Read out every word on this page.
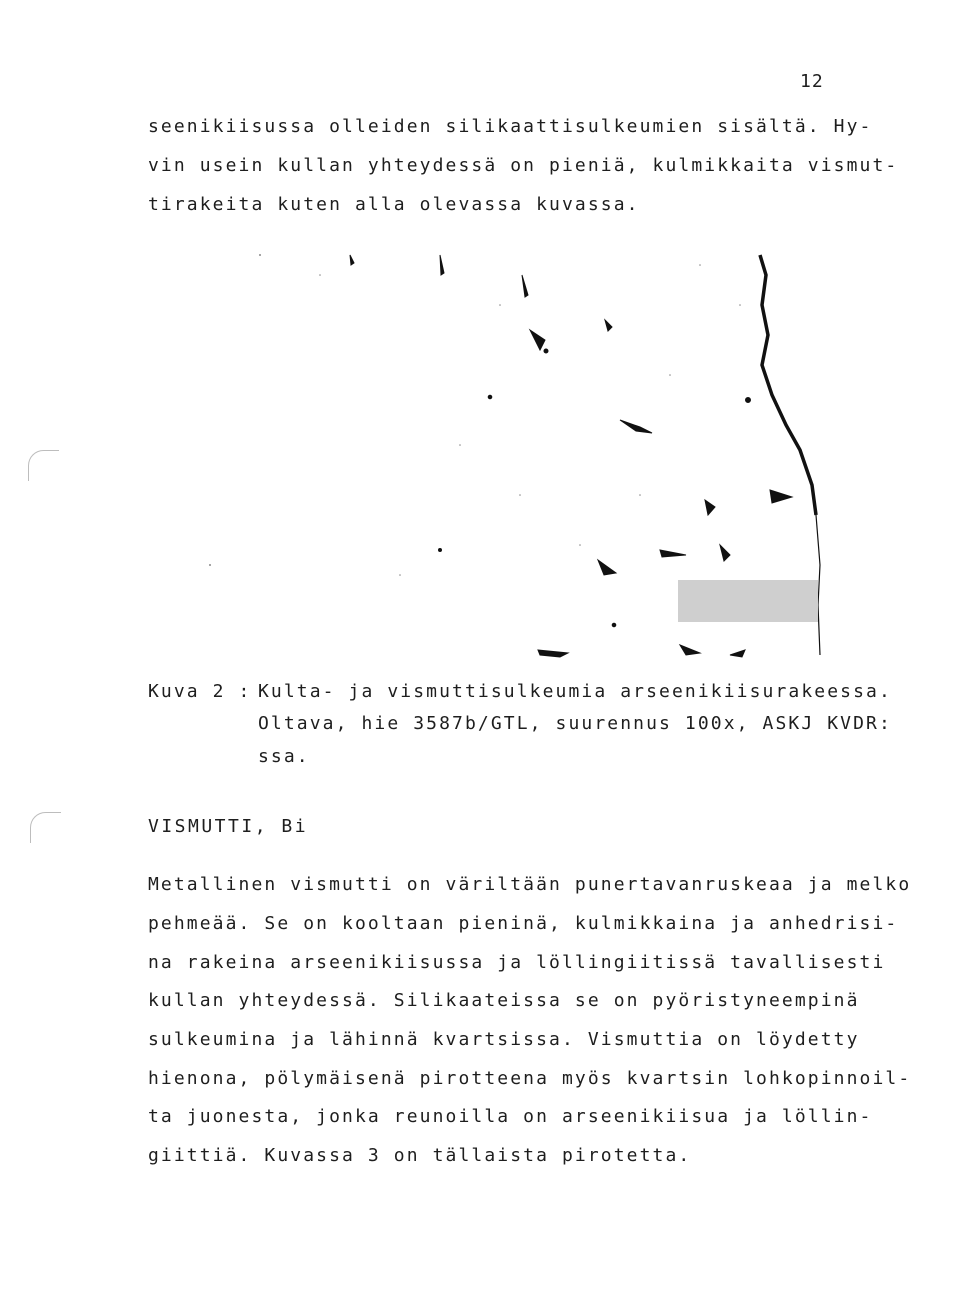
12
seenikiisussa olleiden silikaattisulkeumien sisältä. Hy-
vin usein kullan yhteydessä on pieniä, kulmikkaita vismut-
tirakeita kuten alla olevassa kuvassa.
Kuva 2 : Kulta- ja vismuttisulkeumia arseenikiisurakeessa.
Oltava, hie 3587b/GTL, suurennus 100x, ASKJ KVDR:
ssa.
VISMUTTI, Bi
Metallinen vismutti on väriltään punertavanruskeaa ja melko
pehmeää. Se on kooltaan pieninä, kulmikkaina ja anhedrisi-
na rakeina arseenikiisussa ja löllingiitissä tavallisesti
kullan yhteydessä. Silikaateissa se on pyöristyneempinä
sulkeumina ja lähinnä kvartsissa. Vismuttia on löydetty
hienona, pölymäisenä pirotteena myös kvartsin lohkopinnoil-
ta juonesta, jonka reunoilla on arseenikiisua ja löllin-
giittiä. Kuvassa 3 on tällaista pirotetta.
